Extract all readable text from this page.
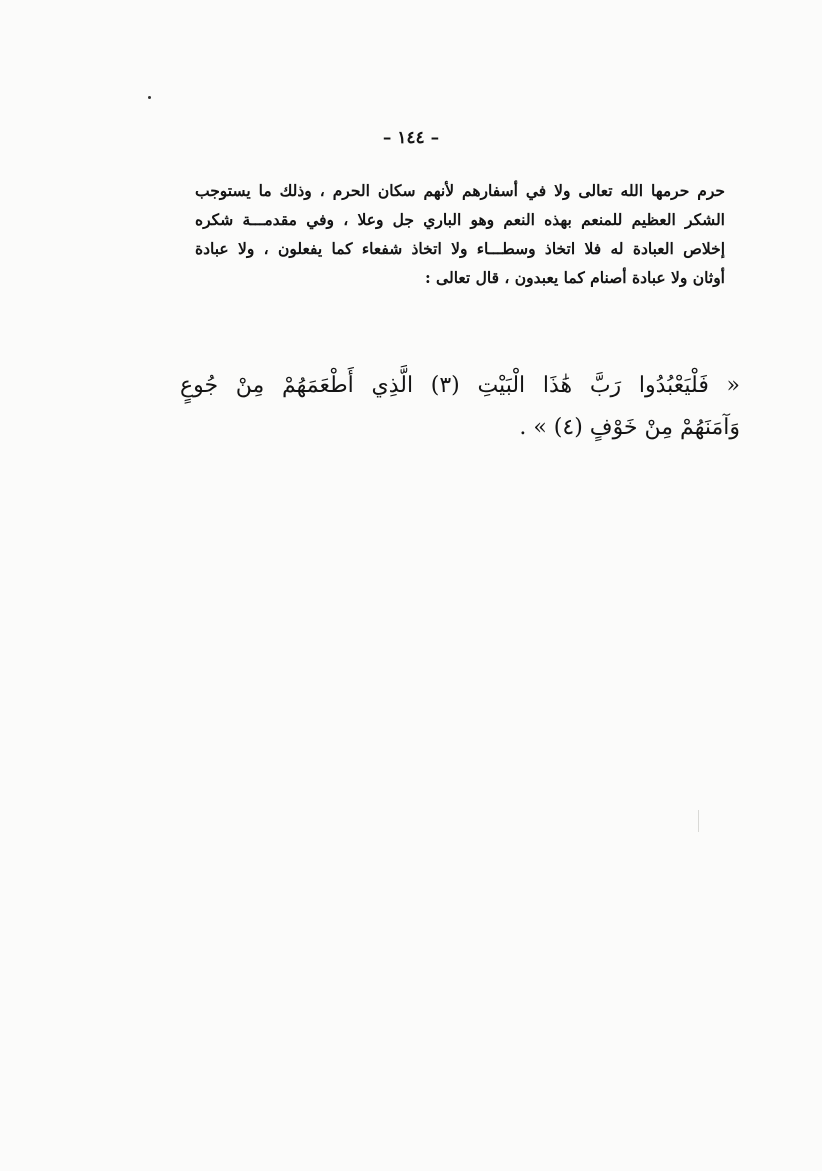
– ١٤٤ –
حرم حرمها الله تعالى ولا في أسفارهم لأنهم سكان الحرم ، وذلك ما يستوجب
الشكر العظيم للمنعم بهذه النعم وهو الباري جل وعلا ، وفي مقدمـــة شكره
إخلاص العبادة له فلا اتخاذ وسطـــاء ولا اتخاذ شفعاء كما يفعلون ، ولا عبادة
أوثان ولا عبادة أصنام كما يعبدون ، قال تعالى :
« فَلْيَعْبُدُوا رَبَّ هَٰذَا الْبَيْتِ (٣) الَّذِي أَطْعَمَهُمْ مِنْ جُوعٍ
وَآمَنَهُمْ مِنْ خَوْفٍ (٤) » .
